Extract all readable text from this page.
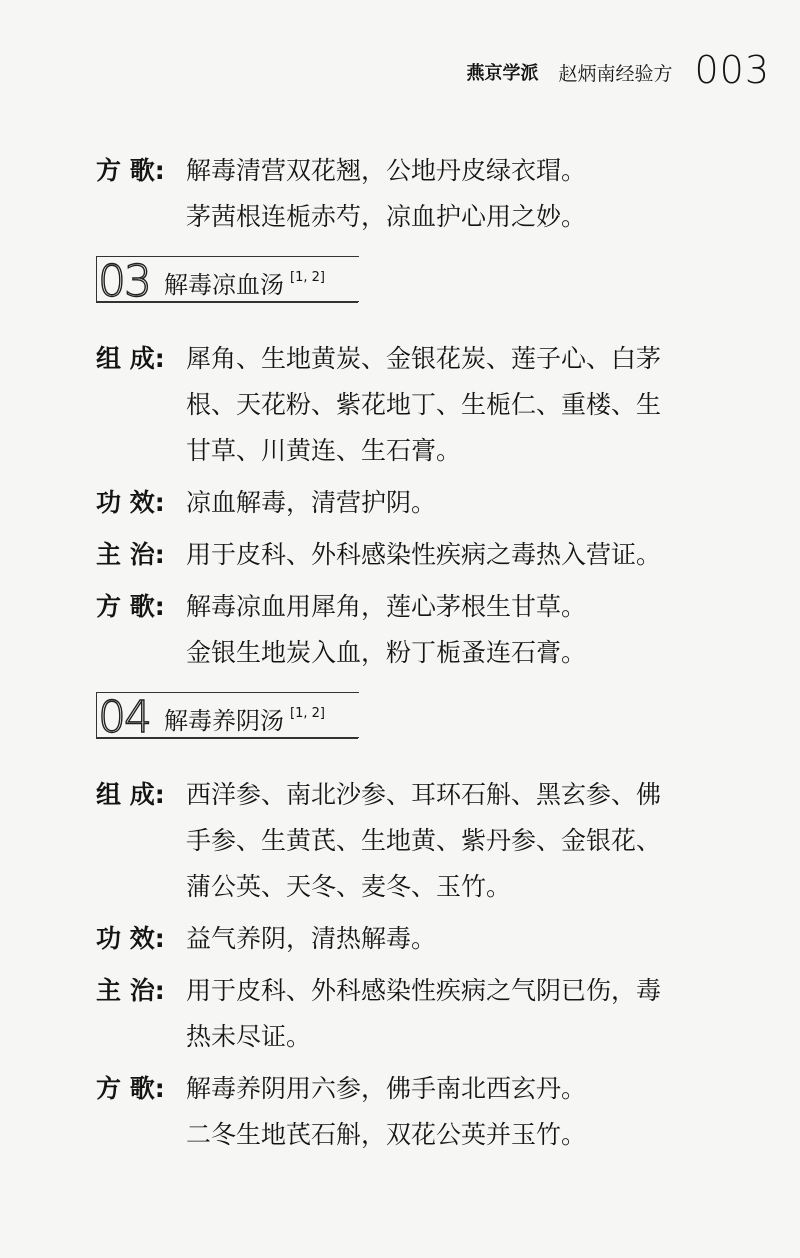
燕京学派 赵炳南经验方 003
方 歌: 解毒清营双花翘，公地丹皮绿衣瑁。
茅茜根连栀赤芍，凉血护心用之妙。
03 解毒凉血汤 [1, 2]
组 成: 犀角、生地黄炭、金银花炭、莲子心、白茅
根、天花粉、紫花地丁、生栀仁、重楼、生
甘草、川黄连、生石膏。
功 效: 凉血解毒，清营护阴。
主 治: 用于皮科、外科感染性疾病之毒热入营证。
方 歌: 解毒凉血用犀角，莲心茅根生甘草。
金银生地炭入血，粉丁栀蚤连石膏。
04 解毒养阴汤 [1, 2]
组 成: 西洋参、南北沙参、耳环石斛、黑玄参、佛
手参、生黄芪、生地黄、紫丹参、金银花、
蒲公英、天冬、麦冬、玉竹。
功 效: 益气养阴，清热解毒。
主 治: 用于皮科、外科感染性疾病之气阴已伤，毒
热未尽证。
方 歌: 解毒养阴用六参，佛手南北西玄丹。
二冬生地芪石斛，双花公英并玉竹。
